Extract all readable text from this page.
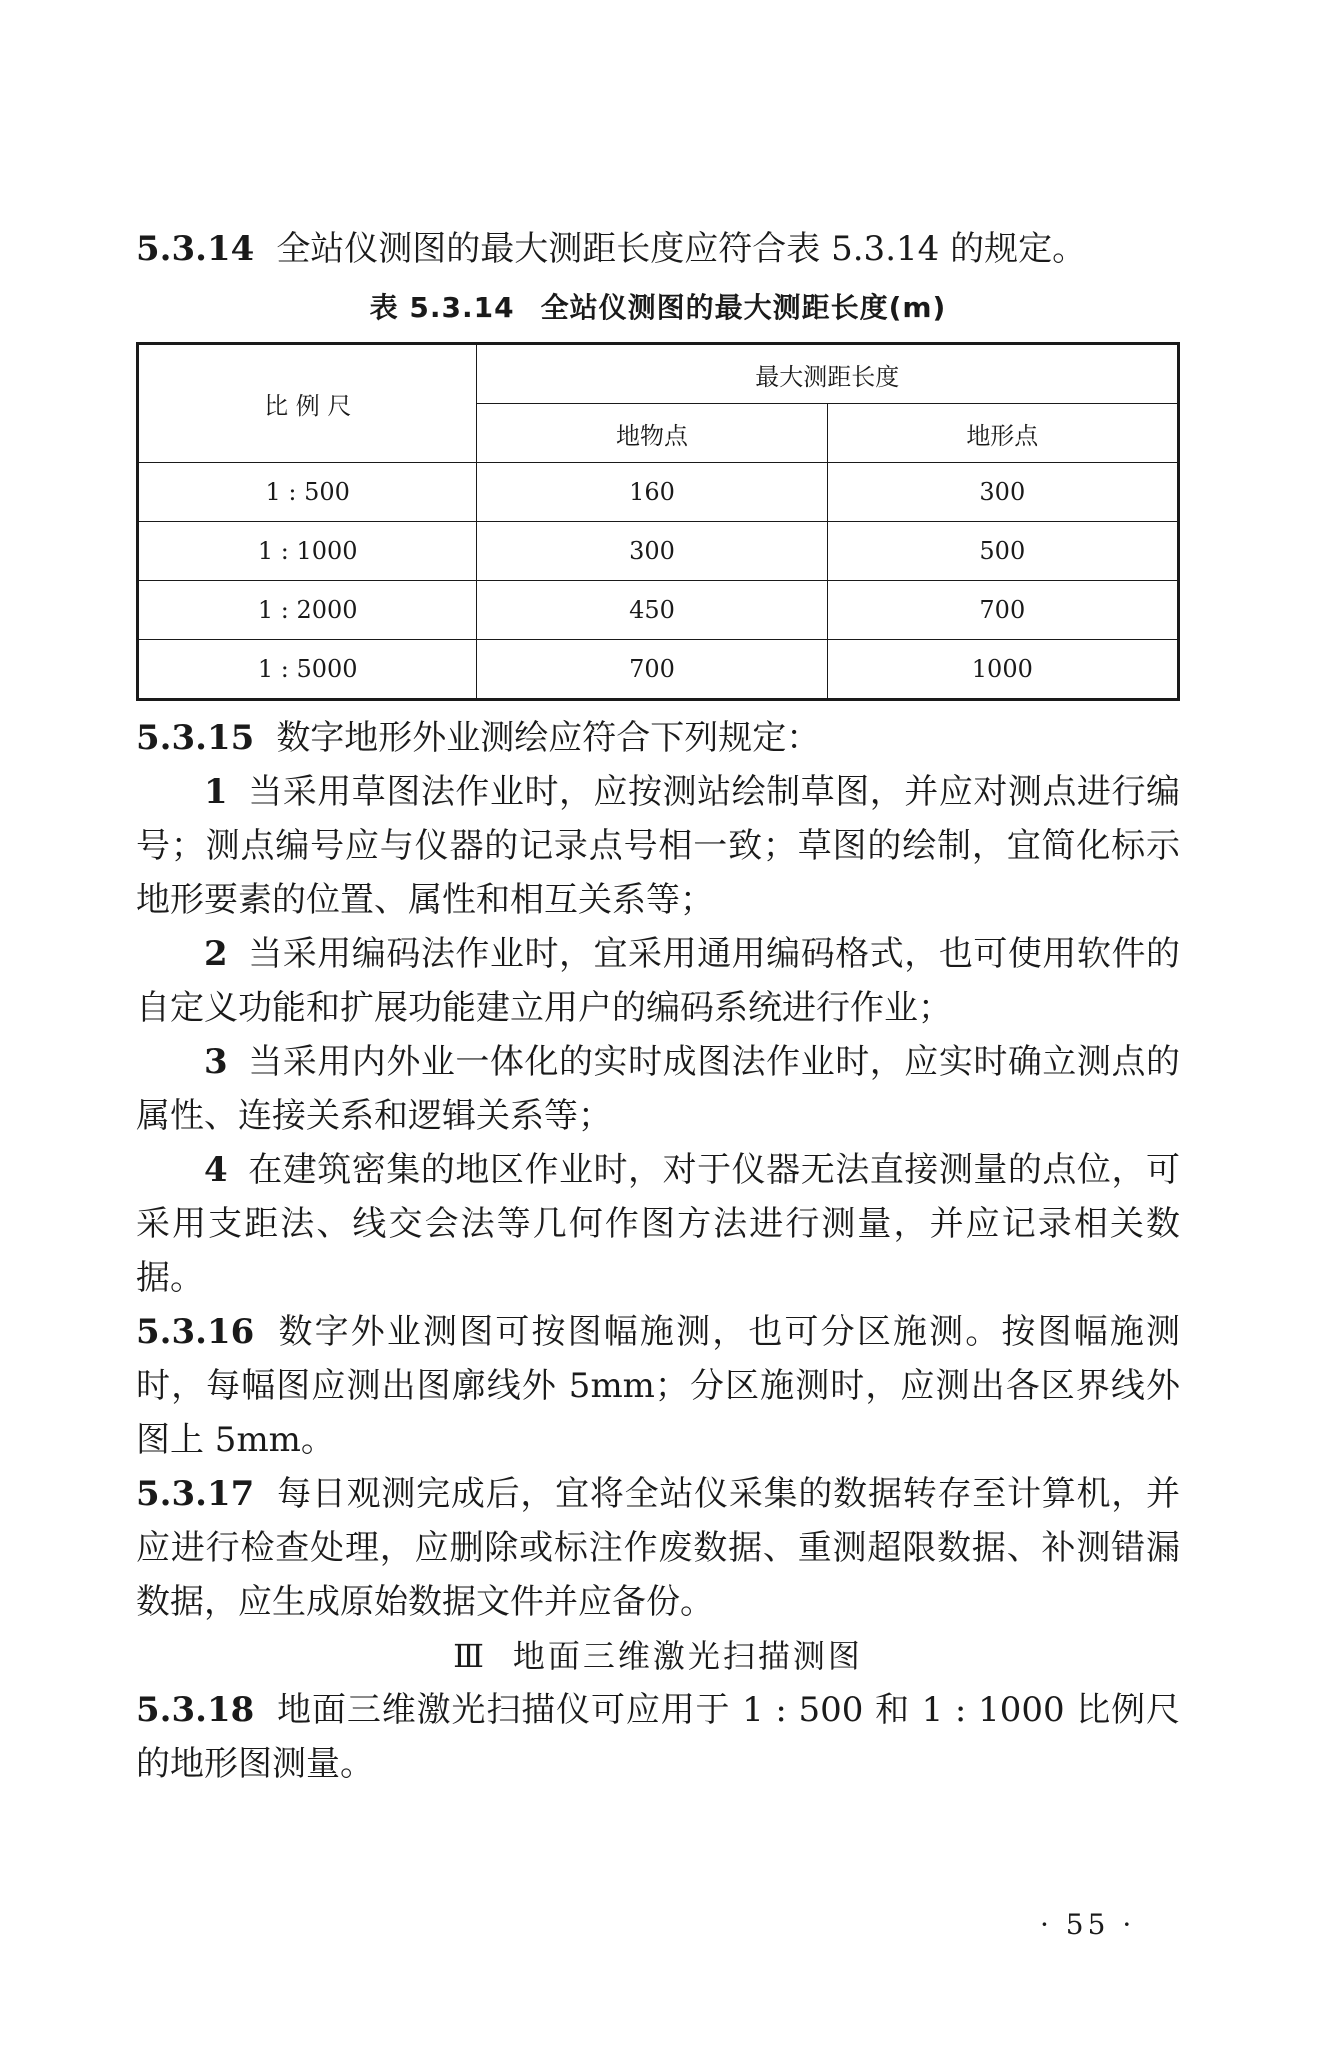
5.3.14 全站仪测图的最大测距长度应符合表 5.3.14 的规定。

表 5.3.14 全站仪测图的最大测距长度(m)
比 例 尺	最大测距长度	
	地物点	地形点
1 : 500	160	300
1 : 1000	300	500
1 : 2000	450	700
1 : 5000	700	1000

5.3.15 数字地形外业测绘应符合下列规定：

1 当采用草图法作业时，应按测站绘制草图，并应对测点进行编号；测点编号应与仪器的记录点号相一致；草图的绘制，宜简化标示地形要素的位置、属性和相互关系等；

2 当采用编码法作业时，宜采用通用编码格式，也可使用软件的自定义功能和扩展功能建立用户的编码系统进行作业；

3 当采用内外业一体化的实时成图法作业时，应实时确立测点的属性、连接关系和逻辑关系等；

4 在建筑密集的地区作业时，对于仪器无法直接测量的点位，可采用支距法、线交会法等几何作图方法进行测量，并应记录相关数据。

5.3.16 数字外业测图可按图幅施测，也可分区施测。按图幅施测时，每幅图应测出图廓线外 5mm；分区施测时，应测出各区界线外图上 5mm。

5.3.17 每日观测完成后，宜将全站仪采集的数据转存至计算机，并应进行检查处理，应删除或标注作废数据、重测超限数据、补测错漏数据，应生成原始数据文件并应备份。

Ⅲ 地面三维激光扫描测图

5.3.18 地面三维激光扫描仪可应用于 1 : 500 和 1 : 1000 比例尺的地形图测量。

· 55 ·
